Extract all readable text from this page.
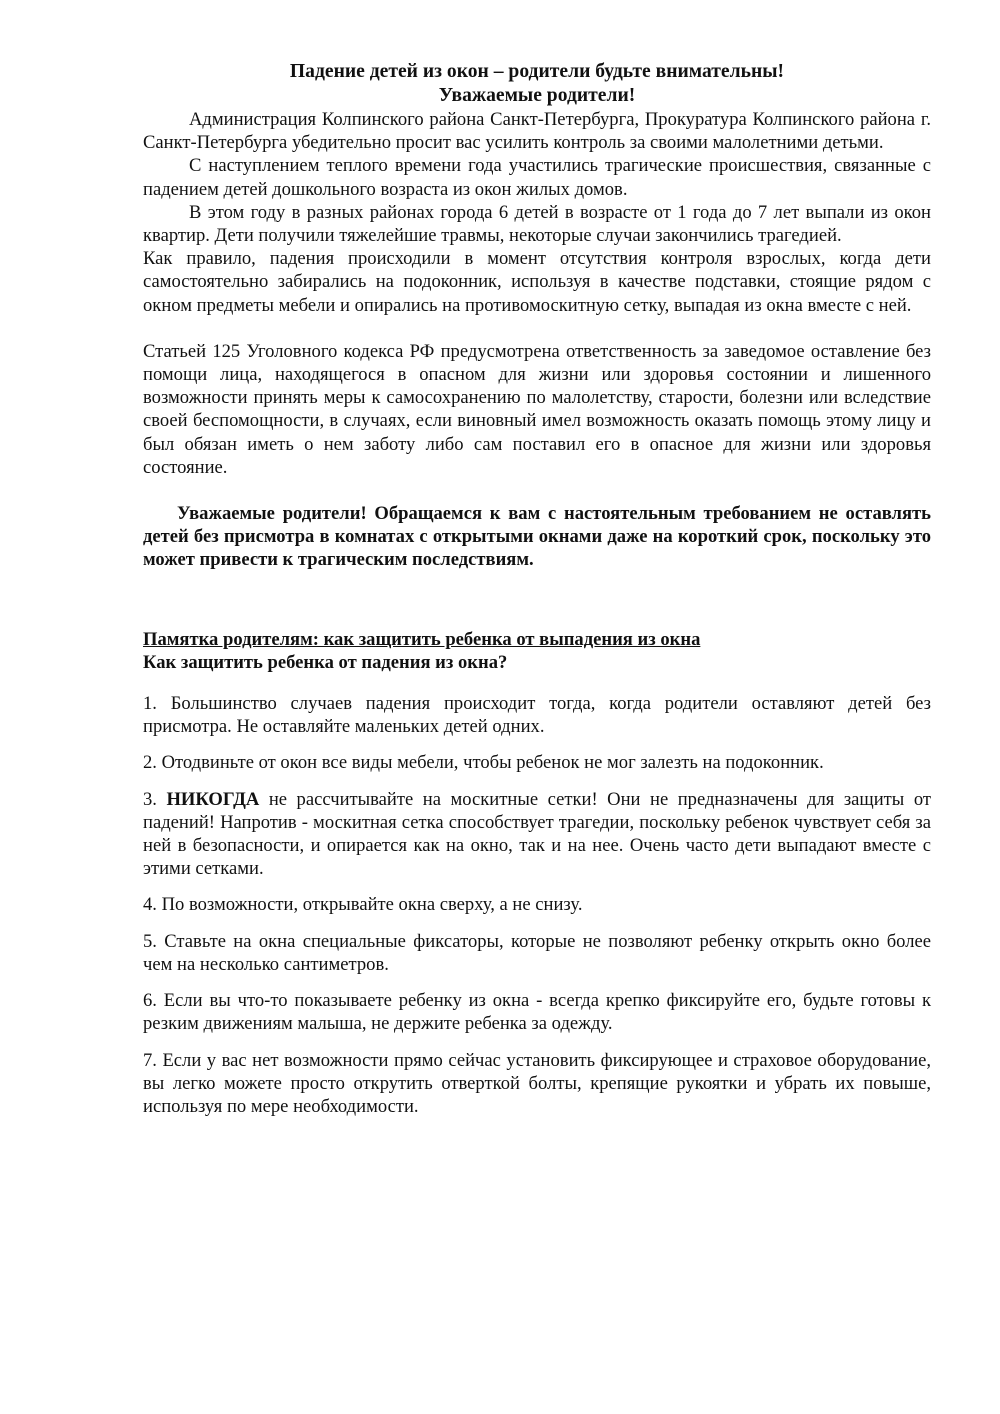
Падение детей из окон – родители будьте внимательны!
Уважаемые родители!

Администрация Колпинского района Санкт-Петербурга, Прокуратура Колпинского района г. Санкт-Петербурга убедительно просит вас усилить контроль за своими малолетними детьми.

С наступлением теплого времени года участились трагические происшествия, связанные с падением детей дошкольного возраста из окон жилых домов.

В этом году в разных районах города 6 детей в возрасте от 1 года до 7 лет выпали из окон квартир. Дети получили тяжелейшие травмы, некоторые случаи закончились трагедией.

Как правило, падения происходили в момент отсутствия контроля взрослых, когда дети самостоятельно забирались на подоконник, используя в качестве подставки, стоящие рядом с окном предметы мебели и опирались на противомоскитную сетку, выпадая из окна вместе с ней.

Статьей 125 Уголовного кодекса РФ предусмотрена ответственность за заведомое оставление без помощи лица, находящегося в опасном для жизни или здоровья состоянии и лишенного возможности принять меры к самосохранению по малолетству, старости, болезни или вследствие своей беспомощности, в случаях, если виновный имел возможность оказать помощь этому лицу и был обязан иметь о нем заботу либо сам поставил его в опасное для жизни или здоровья состояние.

Уважаемые родители! Обращаемся к вам с настоятельным требованием не оставлять детей без присмотра в комнатах с открытыми окнами даже на короткий срок, поскольку это может привести к трагическим последствиям.

Памятка родителям: как защитить ребенка от выпадения из окна

Как защитить ребенка от падения из окна?

1. Большинство случаев падения происходит тогда, когда родители оставляют детей без присмотра. Не оставляйте маленьких детей одних.

2. Отодвиньте от окон все виды мебели, чтобы ребенок не мог залезть на подоконник.

3. НИКОГДА не рассчитывайте на москитные сетки! Они не предназначены для защиты от падений! Напротив - москитная сетка способствует трагедии, поскольку ребенок чувствует себя за ней в безопасности, и опирается как на окно, так и на нее. Очень часто дети выпадают вместе с этими сетками.

4. По возможности, открывайте окна сверху, а не снизу.

5. Ставьте на окна специальные фиксаторы, которые не позволяют ребенку открыть окно более чем на несколько сантиметров.

6. Если вы что-то показываете ребенку из окна - всегда крепко фиксируйте его, будьте готовы к резким движениям малыша, не держите ребенка за одежду.

7. Если у вас нет возможности прямо сейчас установить фиксирующее и страховое оборудование, вы легко можете просто открутить отверткой болты, крепящие рукоятки и убрать их повыше, используя по мере необходимости.
